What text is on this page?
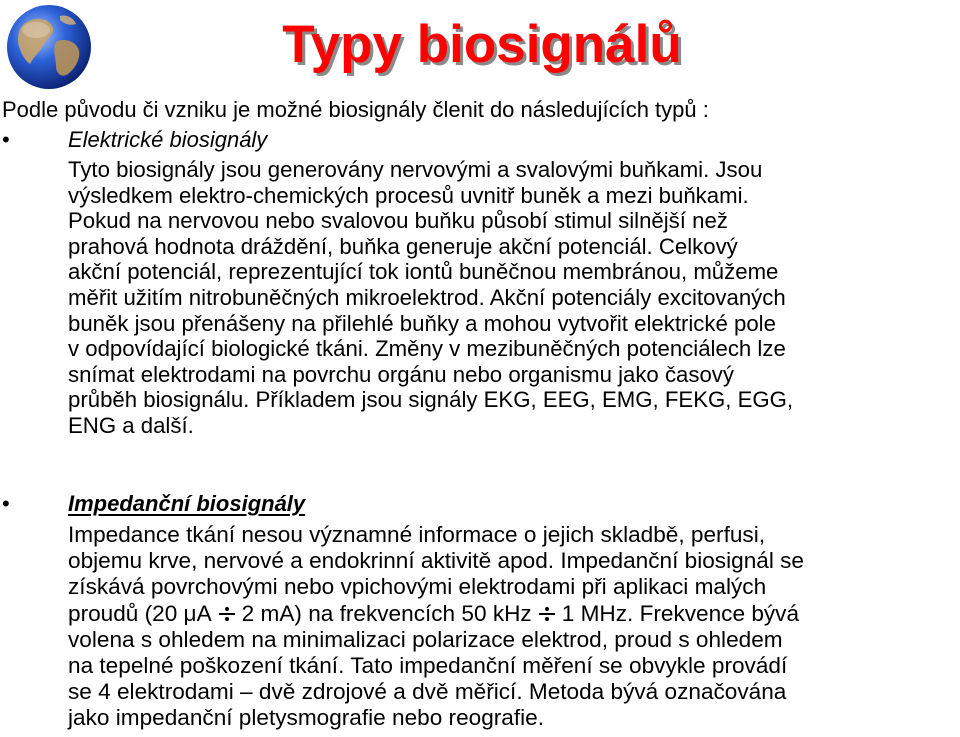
Typy biosignálů

Podle původu či vzniku je možné biosignály členit do následujících typů :

•	Elektrické biosignály

Tyto biosignály jsou generovány nervovými a svalovými buňkami. Jsou
výsledkem elektro-chemických procesů uvnitř buněk a mezi buňkami.
Pokud na nervovou nebo svalovou buňku působí stimul silnější než
prahová hodnota dráždění, buňka generuje akční potenciál. Celkový
akční potenciál, reprezentující tok iontů buněčnou membránou, můžeme
měřit užitím nitrobuněčných mikroelektrod. Akční potenciály excitovaných
buněk jsou přenášeny na přilehlé buňky a mohou vytvořit elektrické pole
v odpovídající biologické tkáni. Změny v mezibuněčných potenciálech lze
snímat elektrodami na povrchu orgánu nebo organismu jako časový
průběh biosignálu. Příkladem jsou signály EKG, EEG, EMG, FEKG, EGG,
ENG a další.
•	Impedanční biosignály

Impedance tkání nesou významné informace o jejich skladbě, perfusi,
objemu krve, nervové a endokrinní aktivitě apod. Impedanční biosignál se
získává povrchovými nebo vpichovými elektrodami při aplikaci malých
proudů (20 μA 2 mA) na frekvencích 50 kHz 1 MHz. Frekvence bývá
volena s ohledem na minimalizaci polarizace elektrod, proud s ohledem
na tepelné poškození tkání. Tato impedanční měření se obvykle provádí
se 4 elektrodami – dvě zdrojové a dvě měřicí. Metoda bývá označována
jako impedanční pletysmografie nebo reografie.
